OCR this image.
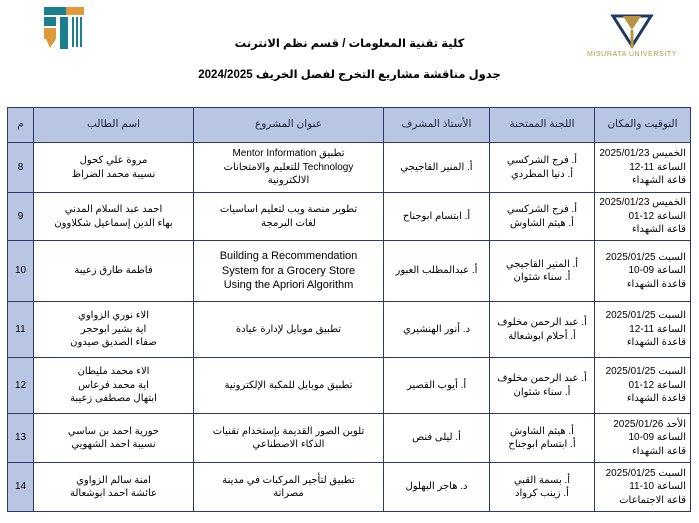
MISURATA UNIVERSITY
كلية تقنية المعلومات / قسم نظم الانترنت
جدول مناقشة مشاريع التخرج لفصل الخريف 2024/2025
التوقيت والمكان	اللجنة الممتحنة	الأستاذ المشرف	عنوان المشروع	اسم الطالب	م

الخميس 2025/01/23
الساعة 11-12
قاعة الشهداء	أ. فرج الشركسي
أ. دنيا المطردي	أ. المنير القاجيجي	تطبيق Mentor Information
Technology للتعليم والامتحانات
الالكترونية	مروة علي كحول
نسيبة محمد الضراظ	8

الخميس 2025/01/23
الساعة 12-01
قاعة الشهداء	أ. فرج الشركسي
أ. هيثم الشاوش	أ. ابتسام ابوجناح	تطوير منصة ويب لتعليم اساسيات
لغات البرمجة	احمد عبد السلام المدني
بهاء الدين إسماعيل شكلاوون	9

السبت 2025/01/25
الساعة 09-10
قاعدة الشهداء	أ. المنير القاجيجي
أ. سناء شثوان	أ. عبدالمطلب العبور	Building a Recommendation
System for a Grocery Store
Using the Apriori Algorithm	فاطمة طارق زعيبة	10

السبت 2025/01/25
الساعة 11-12
قاعدة الشهداء	أ. عبد الرحمن مخلوف
أ. أحلام ابوشعالة	د. أنور الهنشيري	تطبيق موبايل لإدارة عيادة	الاء نوري الزواوي
اية بشير ابوحجر
صفاء الصديق صيدون	11

السبت 2025/01/25
الساعة 12-01
قاعدة الشهداء	أ. عبد الرحمن مخلوف
أ. سناء شثوان	أ. أيوب القصير	تطبيق موبايل للمكبة الإلكترونية	الاء محمد مليطان
اية محمد فرعاس
ابتهال مصطفى زعيبة	12

الأحد 2025/01/26
الساعة 09-10
قاعة الشهداء	أ. هيثم الشاوش
أ. ابتسام ابوجناح	أ. ليلى فنص	تلوين الصور القديمة بإستخدام تقنيات
الذكاء الاصطناعي	حورية احمد بن ساسي
نسيبة احمد الشهويي	13

السبت 2025/01/25
الساعة 10-11
قاعة الاجتماعات	أ. بسمة القبي
أ. زينب كرواد	د. هاجر البهلول	تطبيق لتأجير المركبات في مدينة
مصراتة	امنة سالم الزواوي
عائشة احمد ابوشعالة	14
